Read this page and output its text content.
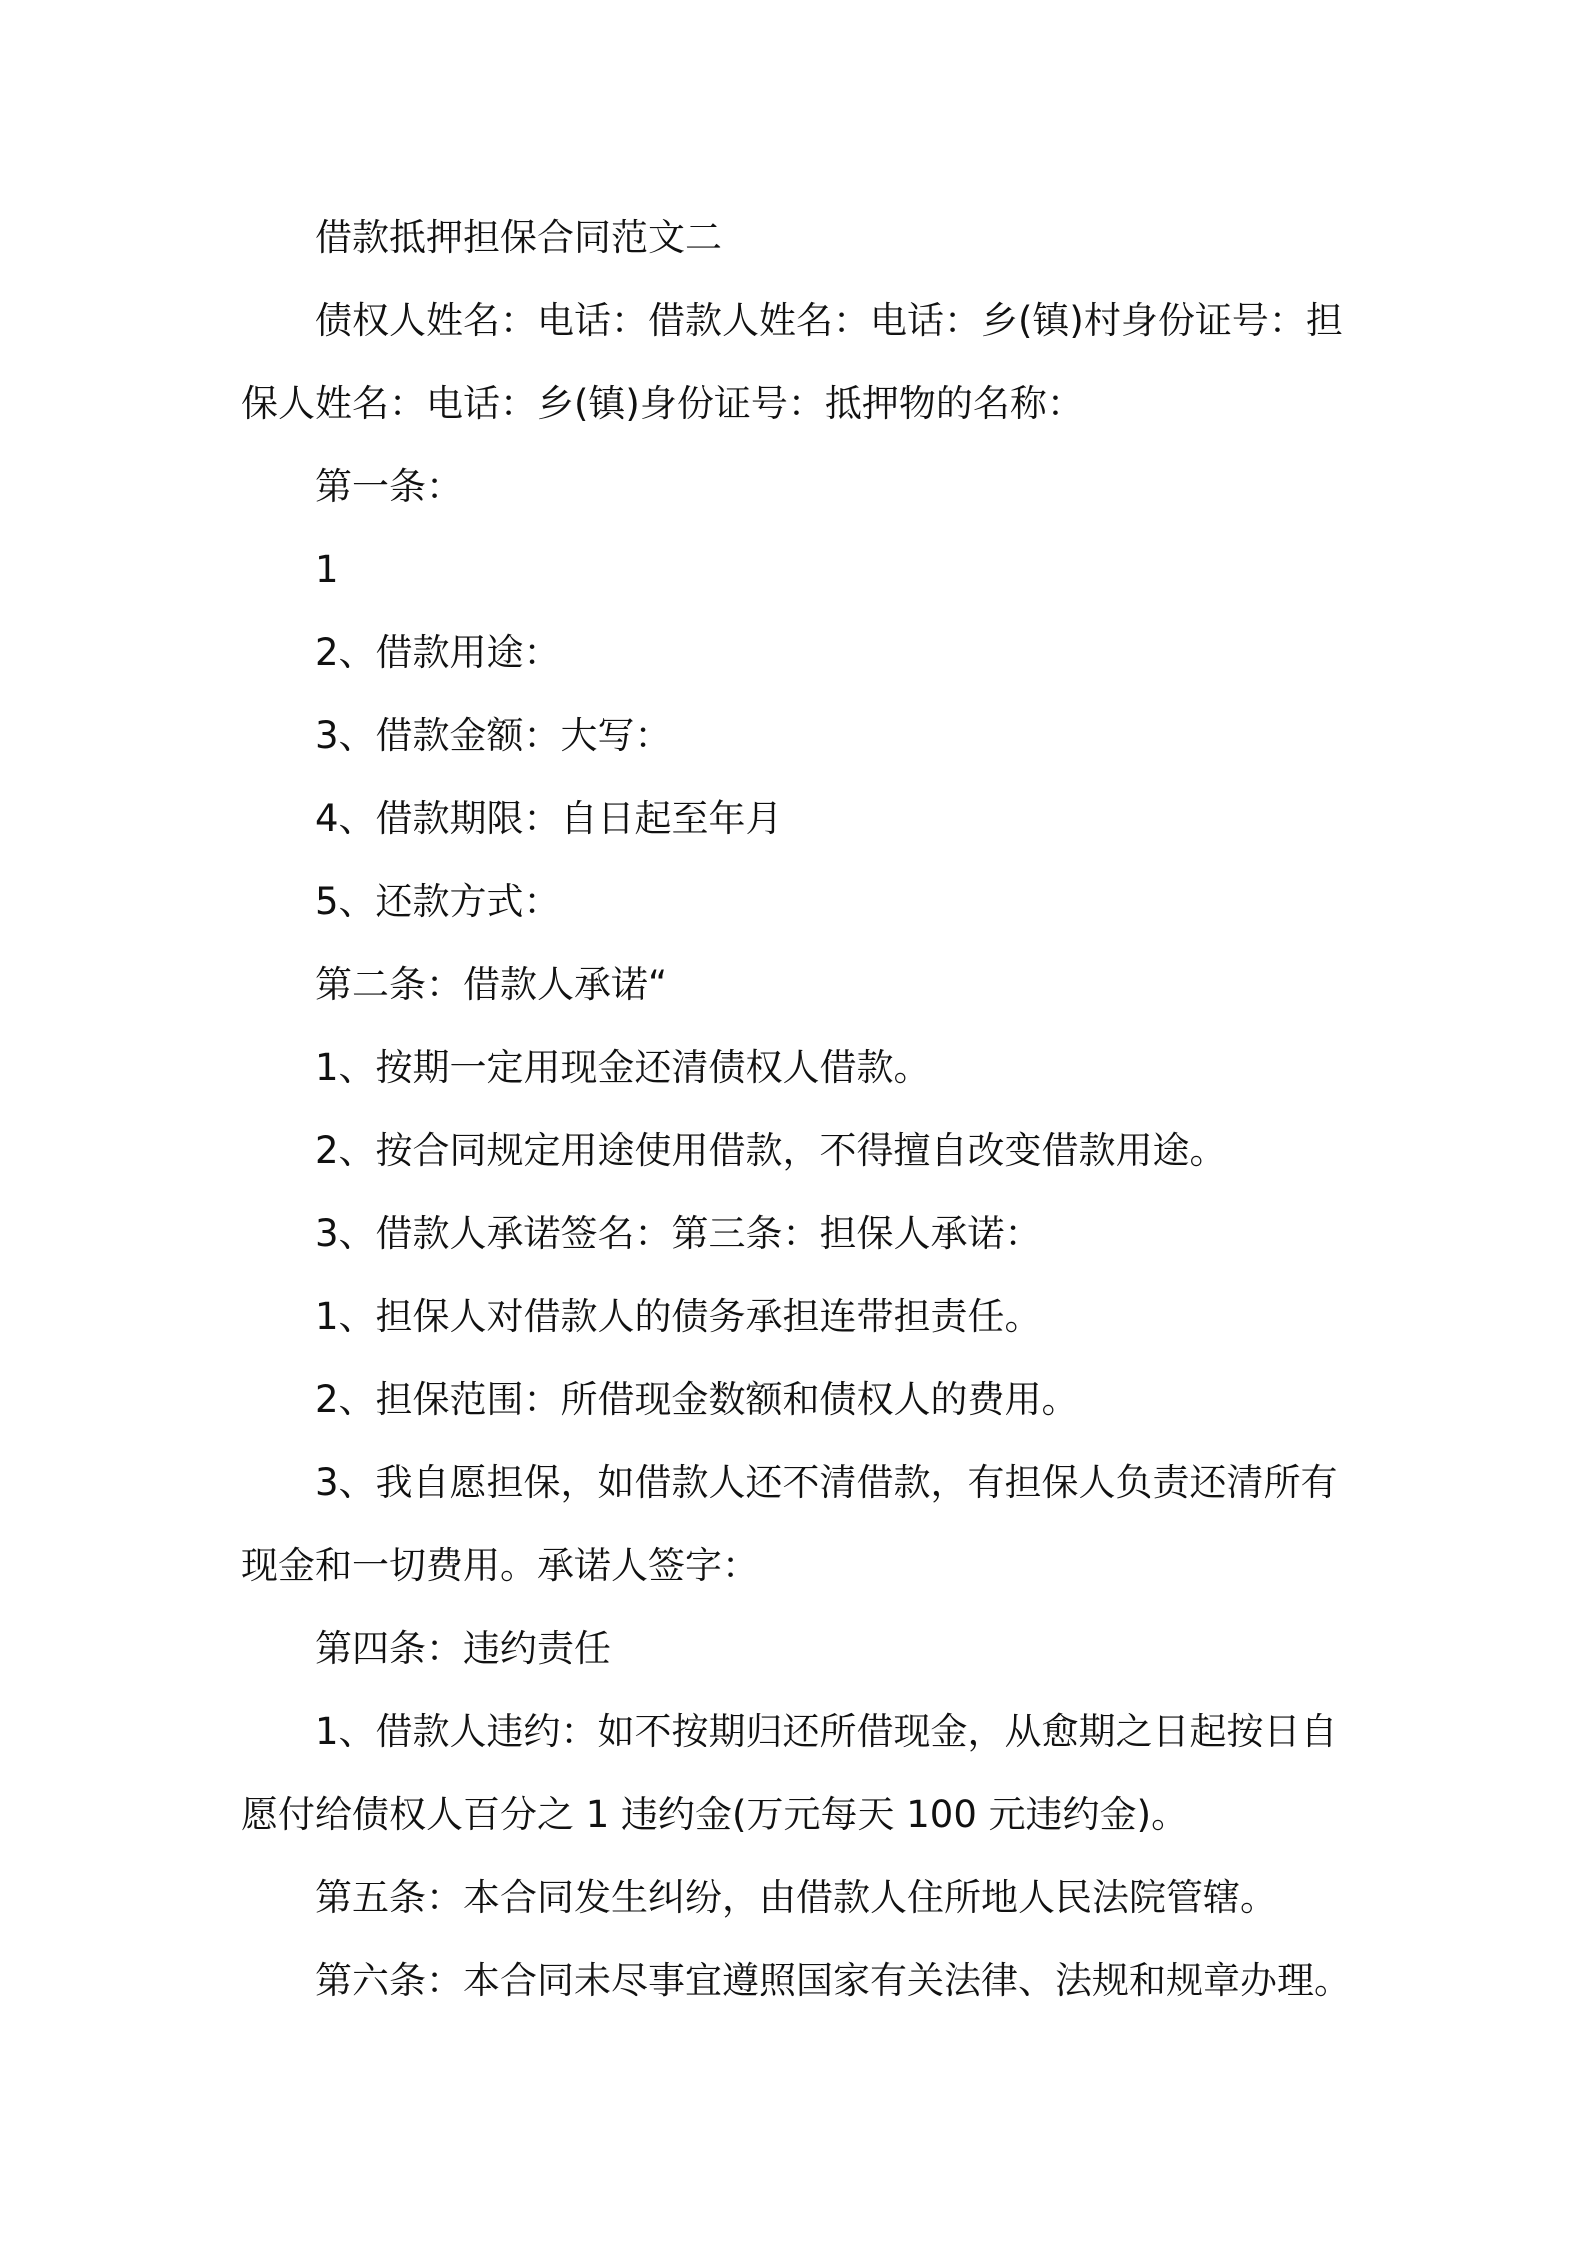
借款抵押担保合同范文二

债权人姓名：电话：借款人姓名：电话：乡(镇)村身份证号：担保人姓名：电话：乡(镇)身份证号：抵押物的名称：

第一条：

1

2、借款用途：

3、借款金额：大写：

4、借款期限：自日起至年月

5、还款方式：

第二条：借款人承诺“

1、按期一定用现金还清债权人借款。

2、按合同规定用途使用借款，不得擅自改变借款用途。

3、借款人承诺签名：第三条：担保人承诺：

1、担保人对借款人的债务承担连带担责任。

2、担保范围：所借现金数额和债权人的费用。

3、我自愿担保，如借款人还不清借款，有担保人负责还清所有现金和一切费用。承诺人签字：

第四条：违约责任

1、借款人违约：如不按期归还所借现金，从愈期之日起按日自愿付给债权人百分之 1 违约金(万元每天 100 元违约金)。

第五条：本合同发生纠纷，由借款人住所地人民法院管辖。

第六条：本合同未尽事宜遵照国家有关法律、法规和规章办理。
